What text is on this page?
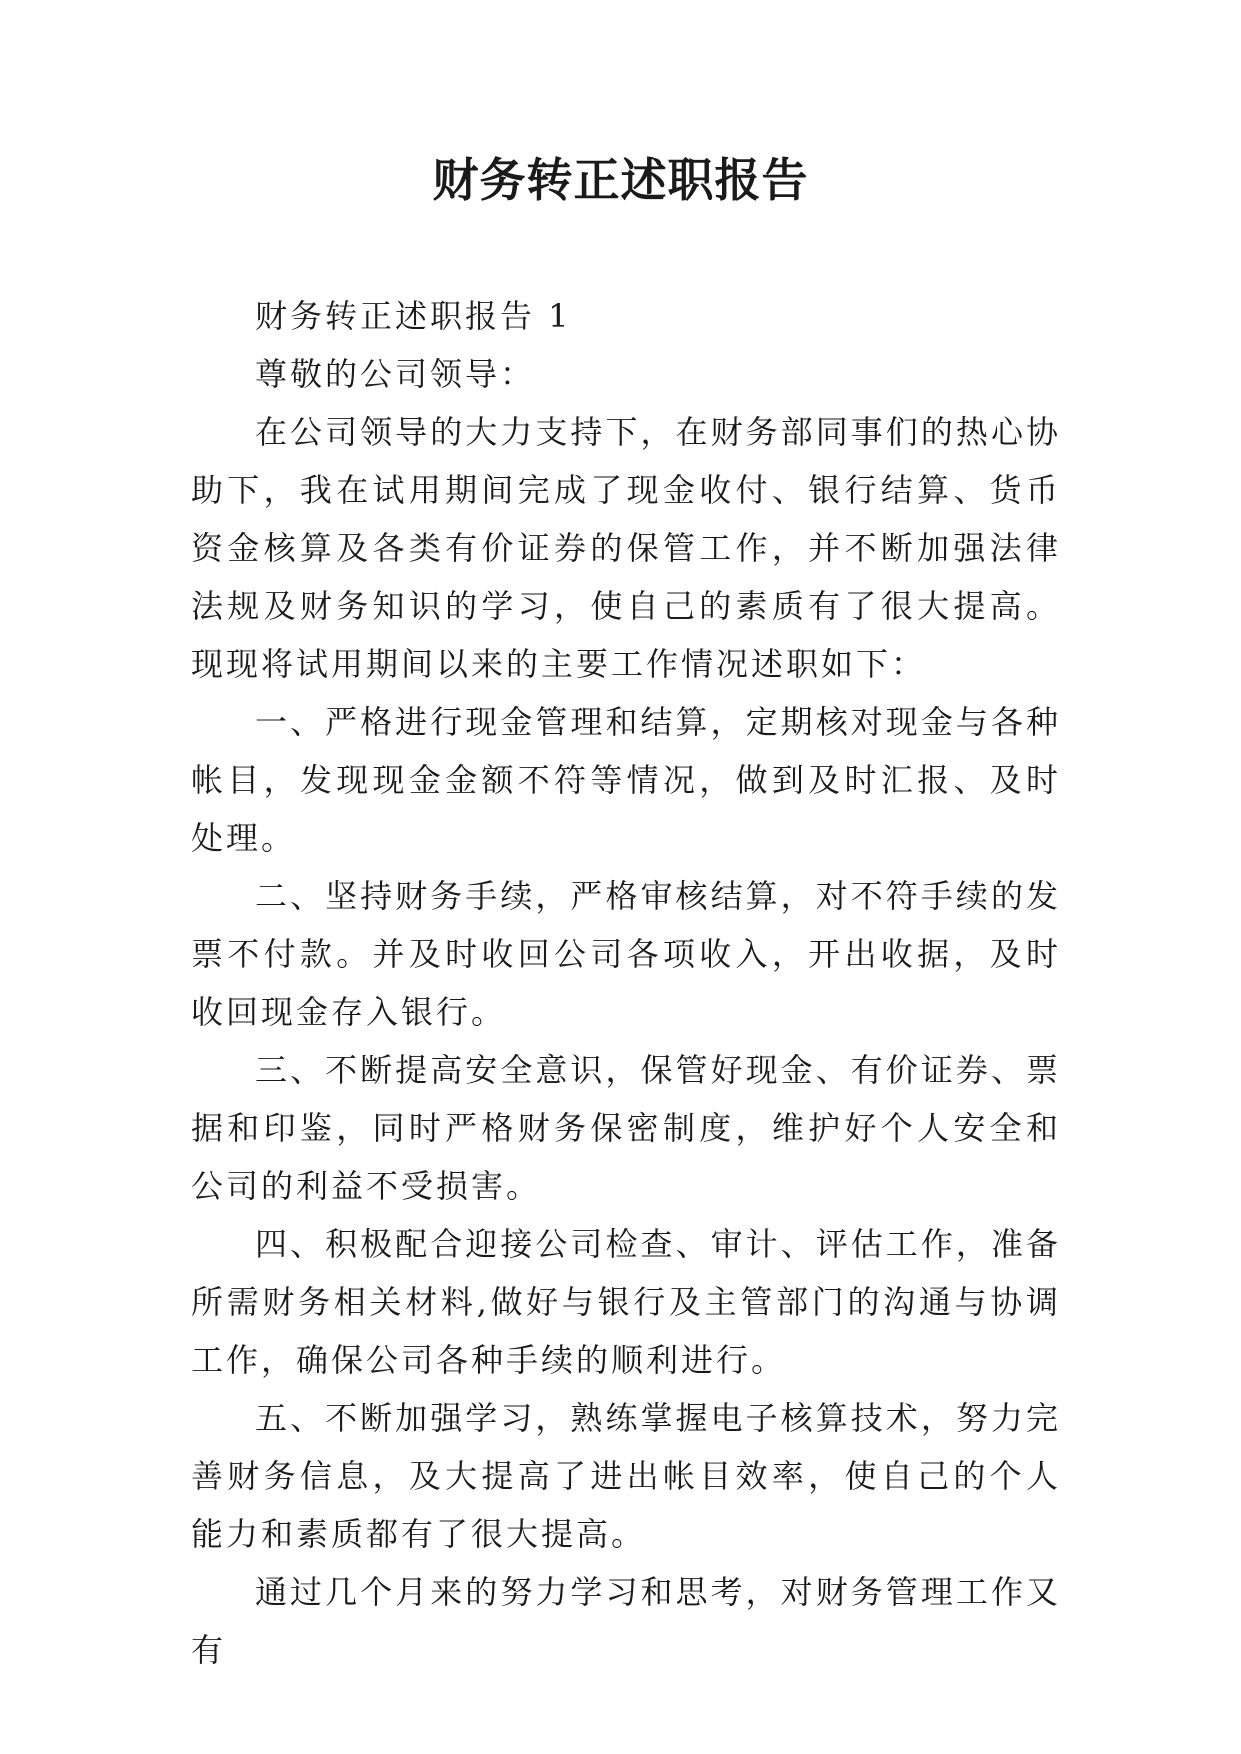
财务转正述职报告

财务转正述职报告 1

尊敬的公司领导：

在公司领导的大力支持下，在财务部同事们的热心协助下，我在试用期间完成了现金收付、银行结算、货币资金核算及各类有价证券的保管工作，并不断加强法律法规及财务知识的学习，使自己的素质有了很大提高。现现将试用期间以来的主要工作情况述职如下：

一、严格进行现金管理和结算，定期核对现金与各种帐目，发现现金金额不符等情况，做到及时汇报、及时处理。

二、坚持财务手续，严格审核结算，对不符手续的发票不付款。并及时收回公司各项收入，开出收据，及时收回现金存入银行。

三、不断提高安全意识，保管好现金、有价证券、票据和印鉴，同时严格财务保密制度，维护好个人安全和公司的利益不受损害。

四、积极配合迎接公司检查、审计、评估工作，准备所需财务相关材料,做好与银行及主管部门的沟通与协调工作，确保公司各种手续的顺利进行。

五、不断加强学习，熟练掌握电子核算技术，努力完善财务信息，及大提高了进出帐目效率，使自己的个人能力和素质都有了很大提高。

通过几个月来的努力学习和思考，对财务管理工作又有
